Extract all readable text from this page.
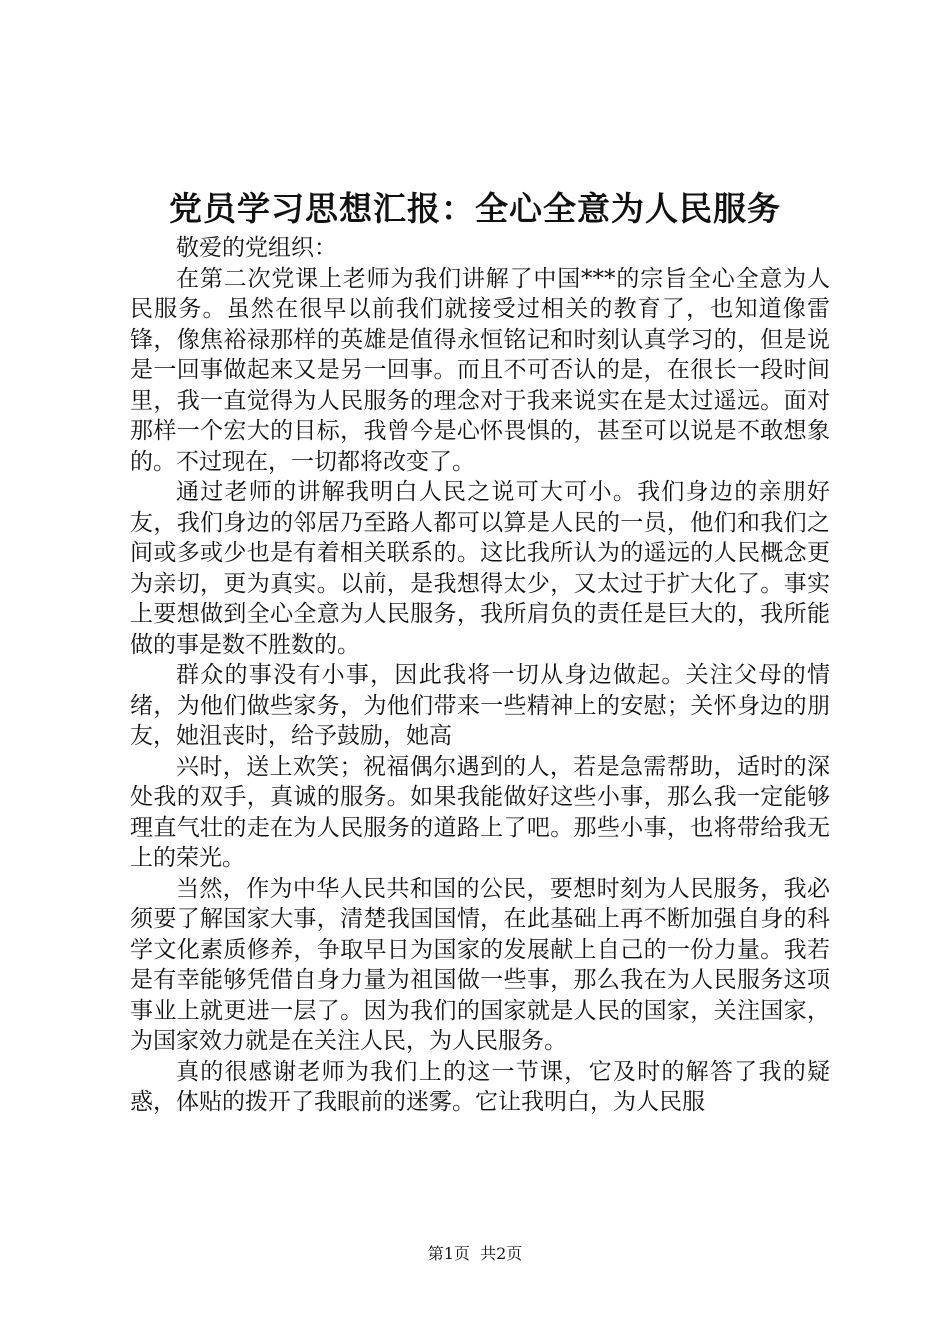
党员学习思想汇报：全心全意为人民服务

敬爱的党组织：

在第二次党课上老师为我们讲解了中国***的宗旨全心全意为人民服务。虽然在很早以前我们就接受过相关的教育了，也知道像雷锋，像焦裕禄那样的英雄是值得永恒铭记和时刻认真学习的，但是说是一回事做起来又是另一回事。而且不可否认的是，在很长一段时间里，我一直觉得为人民服务的理念对于我来说实在是太过遥远。面对那样一个宏大的目标，我曾今是心怀畏惧的，甚至可以说是不敢想象的。不过现在，一切都将改变了。

通过老师的讲解我明白人民之说可大可小。我们身边的亲朋好友，我们身边的邻居乃至路人都可以算是人民的一员，他们和我们之间或多或少也是有着相关联系的。这比我所认为的遥远的人民概念更为亲切，更为真实。以前，是我想得太少，又太过于扩大化了。事实上要想做到全心全意为人民服务，我所肩负的责任是巨大的，我所能做的事是数不胜数的。

群众的事没有小事，因此我将一切从身边做起。关注父母的情绪，为他们做些家务，为他们带来一些精神上的安慰；关怀身边的朋友，她沮丧时，给予鼓励，她高

兴时，送上欢笑；祝福偶尔遇到的人，若是急需帮助，适时的深处我的双手，真诚的服务。如果我能做好这些小事，那么我一定能够理直气壮的走在为人民服务的道路上了吧。那些小事，也将带给我无上的荣光。

当然，作为中华人民共和国的公民，要想时刻为人民服务，我必须要了解国家大事，清楚我国国情，在此基础上再不断加强自身的科学文化素质修养，争取早日为国家的发展献上自己的一份力量。我若是有幸能够凭借自身力量为祖国做一些事，那么我在为人民服务这项事业上就更进一层了。因为我们的国家就是人民的国家，关注国家，为国家效力就是在关注人民，为人民服务。

真的很感谢老师为我们上的这一节课，它及时的解答了我的疑惑，体贴的拨开了我眼前的迷雾。它让我明白，为人民服

第1页  共2页
